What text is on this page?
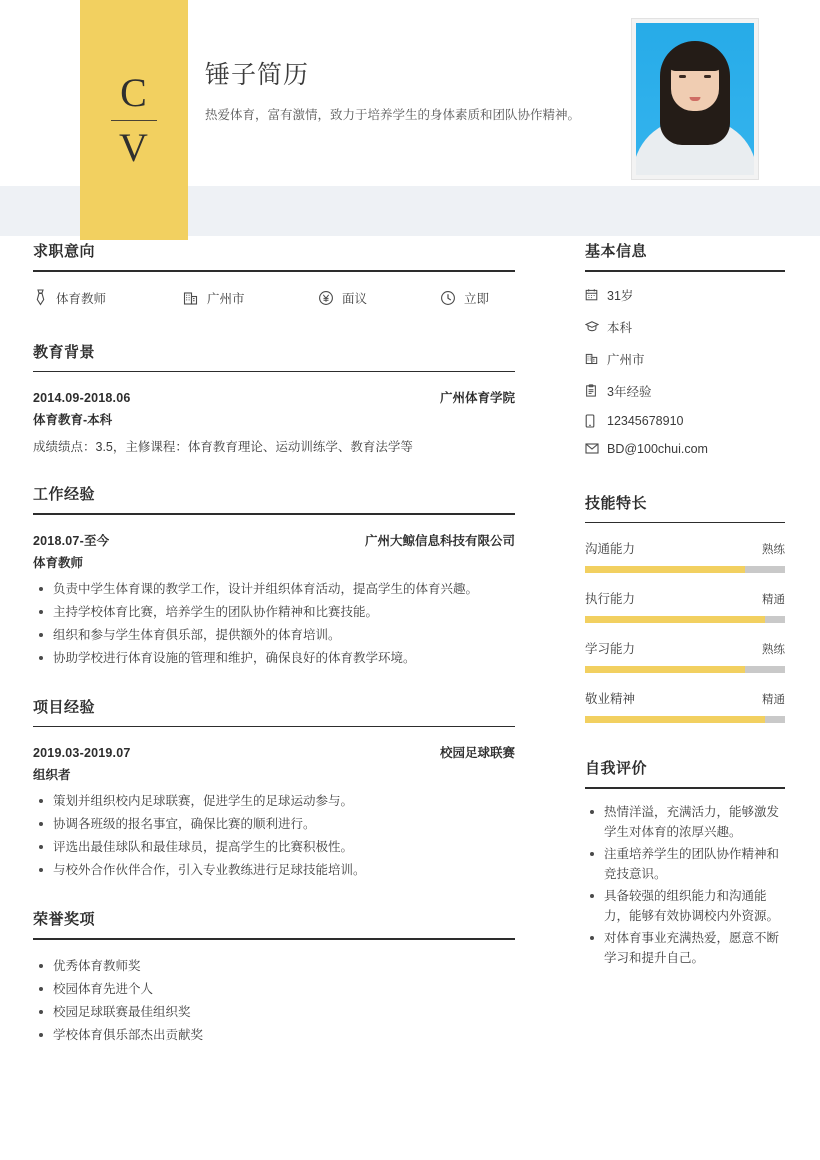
C
V
锤子简历
热爱体育，富有激情，致力于培养学生的身体素质和团队协作精神。
求职意向
体育教师	广州市	面议	立即
教育背景
2014.09-2018.06	广州体育学院
体育教育-本科
成绩绩点：3.5，主修课程：体育教育理论、运动训练学、教育法学等
工作经验
2018.07-至今	广州大鲸信息科技有限公司
体育教师
负责中学生体育课的教学工作，设计并组织体育活动，提高学生的体育兴趣。
主持学校体育比赛，培养学生的团队协作精神和比赛技能。
组织和参与学生体育俱乐部，提供额外的体育培训。
协助学校进行体育设施的管理和维护，确保良好的体育教学环境。
项目经验
2019.03-2019.07	校园足球联赛
组织者
策划并组织校内足球联赛，促进学生的足球运动参与。
协调各班级的报名事宜，确保比赛的顺利进行。
评选出最佳球队和最佳球员，提高学生的比赛积极性。
与校外合作伙伴合作，引入专业教练进行足球技能培训。
荣誉奖项
优秀体育教师奖
校园体育先进个人
校园足球联赛最佳组织奖
学校体育俱乐部杰出贡献奖
基本信息
31岁
本科
广州市
3年经验
12345678910
BD@100chui.com
技能特长
沟通能力	熟练
执行能力	精通
学习能力	熟练
敬业精神	精通
自我评价
热情洋溢，充满活力，能够激发学生对体育的浓厚兴趣。
注重培养学生的团队协作精神和竞技意识。
具备较强的组织能力和沟通能力，能够有效协调校内外资源。
对体育事业充满热爱，愿意不断学习和提升自己。
